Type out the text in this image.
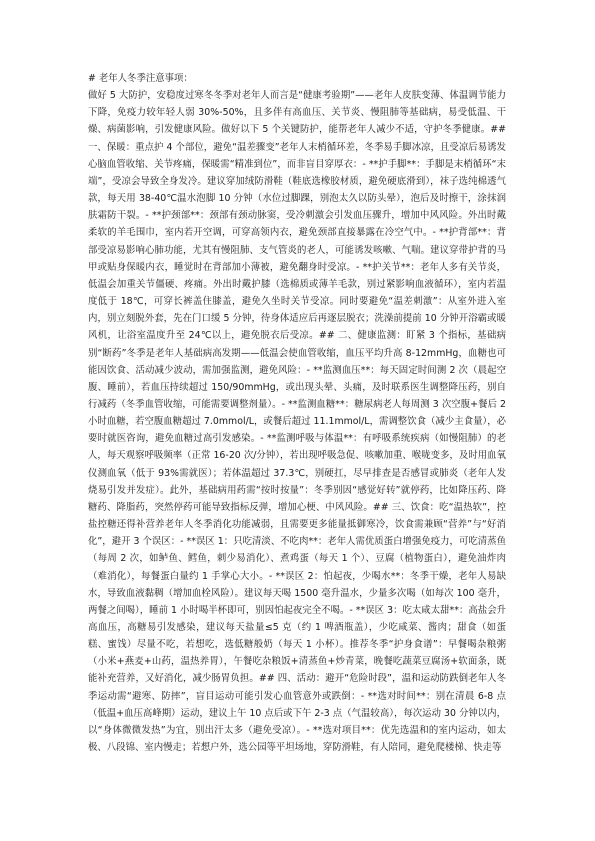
# 老年人冬季注意事项：

做好 5 大防护，安稳度过寒冬冬季对老年人而言是“健康考验期”——老年人皮肤变薄、体温调节能力下降，免疫力较年轻人弱 30%-50%，且多伴有高血压、关节炎、慢阻肺等基础病，易受低温、干燥、病菌影响，引发健康风险。做好以下 5 个关键防护，能帮老年人减少不适，守护冬季健康。## 一、保暖：重点护 4 个部位，避免“温差骤变”老年人末梢循环差，冬季易手脚冰凉，且受凉后易诱发心脑血管收缩、关节疼痛，保暖需“精准到位”，而非盲目穿厚衣：- **护手脚**：手脚是末梢循环“末端”，受凉会导致全身发冷。建议穿加绒防滑鞋（鞋底选橡胶材质，避免硬底滑到），袜子选纯棉透气款，每天用 38-40℃温水泡脚 10 分钟（水位过脚踝，别泡太久以防头晕），泡后及时擦干，涂抹润肤霜防干裂。- **护颈部**：颈部有颈动脉窦，受冷刺激会引发血压骤升，增加中风风险。外出时戴柔软的羊毛围巾，室内若开空调，可穿高领内衣，避免颈部直接暴露在冷空气中。- **护背部**：背部受凉易影响心肺功能，尤其有慢阻肺、支气管炎的老人，可能诱发咳嗽、气喘。建议穿带护背的马甲或贴身保暖内衣，睡觉时在背部加小薄被，避免翻身时受凉。- **护关节**：老年人多有关节炎，低温会加重关节僵硬、疼痛。外出时戴护膝（选棉质或薄羊毛款，别过紧影响血液循环），室内若温度低于 18℃，可穿长裤盖住膝盖，避免久坐时关节受凉。同时要避免“温差刺激”：从室外进入室内，别立刻脱外套，先在门口缓 5 分钟，待身体适应后再逐层脱衣；洗澡前提前 10 分钟开浴霸或暖风机，让浴室温度升至 24℃以上，避免脱衣后受凉。## 二、健康监测：盯紧 3 个指标，基础病别“断药”冬季是老年人基础病高发期——低温会使血管收缩，血压平均升高 8-12mmHg，血糖也可能因饮食、活动减少波动，需加强监测，避免风险：- **监测血压**：每天固定时间测 2 次（晨起空腹、睡前），若血压持续超过 150/90mmHg，或出现头晕、头痛，及时联系医生调整降压药，别自行减药（冬季血管收缩，可能需要调整剂量）。- **监测血糖**：糖尿病老人每周测 3 次空腹+餐后 2 小时血糖，若空腹血糖超过 7.0mmol/L，或餐后超过 11.1mmol/L，需调整饮食（减少主食量），必要时就医咨询，避免血糖过高引发感染。- **监测呼吸与体温**：有呼吸系统疾病（如慢阻肺）的老人，每天观察呼吸频率（正常 16-20 次/分钟），若出现呼吸急促、咳嗽加重、喉咙变多，及时用血氧仪测血氧（低于 93%需就医）；若体温超过 37.3℃，别硬扛，尽早排查是否感冒或肺炎（老年人发烧易引发并发症）。此外，基础病用药需“按时按量”：冬季别因“感觉好转”就停药，比如降压药、降糖药、降脂药，突然停药可能导致指标反弹，增加心梗、中风风险。## 三、饮食：吃“温热软”，控盐控糖还得补营养老年人冬季消化功能减弱，且需要更多能量抵御寒冷，饮食需兼顾“营养”与“好消化”，避开 3 个误区：- **误区 1：只吃清淡、不吃肉**：老年人需优质蛋白增强免疫力，可吃清蒸鱼（每周 2 次，如鲈鱼、鳕鱼，刺少易消化）、煮鸡蛋（每天 1 个）、豆腐（植物蛋白），避免油炸肉（难消化），每餐蛋白量约 1 手掌心大小。- **误区 2：怕起夜，少喝水**：冬季干燥，老年人易缺水，导致血液黏稠（增加血栓风险）。建议每天喝 1500 毫升温水，少量多次喝（如每次 100 毫升，两餐之间喝），睡前 1 小时喝半杯即可，别因怕起夜完全不喝。- **误区 3：吃太咸太甜**：高盐会升高血压，高糖易引发感染，建议每天盐量≤5 克（约 1 啤酒瓶盖），少吃咸菜、酱肉；甜食（如蛋糕、蜜饯）尽量不吃，若想吃，选低糖般奶（每天 1 小杯）。推荐冬季“护身食谱”：早餐喝杂粮粥（小米+燕麦+山药，温热养胃），午餐吃杂粮饭+清蒸鱼+炒青菜，晚餐吃蔬菜豆腐汤+软面条，既能补充营养，又好消化，减少肠胃负担。## 四、活动：避开“危险时段”，温和运动防跌倒老年人冬季运动需“避寒、防摔”，盲目运动可能引发心血管意外或跌倒：- **选对时间**：别在清晨 6-8 点（低温+血压高峰期）运动，建议上午 10 点后或下午 2-3 点（气温较高），每次运动 30 分钟以内，以“身体微微发热”为宜，别出汗太多（避免受凉）。- **选对项目**：优先选温和的室内运动，如太极、八段锦、室内慢走；若想户外，选公园等平坦场地，穿防滑鞋，有人陪同，避免爬楼梯、快走等
